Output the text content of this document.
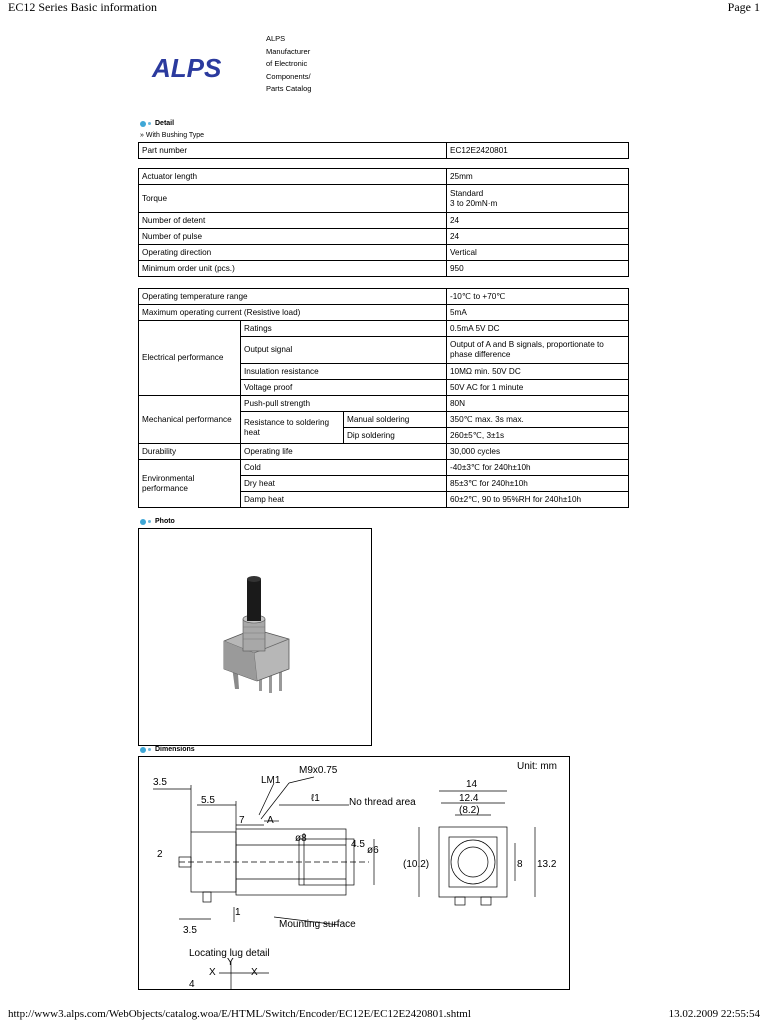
EC12 Series Basic information	Page 1
http://www3.alps.com/WebObjects/catalog.woa/E/HTML/Switch/Encoder/EC12E/EC12E2420801.shtml	13.02.2009 22:55:54
ALPS
ALPS
Manufacturer
of Electronic
Components/
Parts Catalog
Detail
» With Bushing Type
Part number	EC12E2420801
Actuator length	25mm
Torque	Standard
3 to 20mN·m

Number of detent	24
Number of pulse	24
Operating direction	Vertical
Minimum order unit (pcs.)	950
Operating temperature range			-10℃ to +70℃
Maximum operating current (Resistive load)			5mA
Electrical performance	Ratings		0.5mA 5V DC
	Output signal		Output of A and B signals, proportionate to phase difference
	Insulation resistance		10MΩ min. 50V DC
	Voltage proof		50V AC for 1 minute
Mechanical performance	Push-pull strength		80N
	Resistance to soldering heat	Manual soldering	350℃ max. 3s max.
		Dip soldering	260±5℃, 3±1s
Durability	Operating life		30,000 cycles
Environmental performance	Cold		-40±3℃ for 240h±10h
	Dry heat		85±3℃ for 240h±10h
	Damp heat		60±2℃, 90 to 95%RH for 240h±10h
Photo
Dimensions
3.5	LM1
M9x0.75
5.5	ℓ1	No thread area
7 A
ø8
4.5
ø6
2
1
3.5
Mounting surface
Locating lug detail
14
12.4
(8.2)
(10.2)	8 13.2
X
Y
X
4
Unit: mm
